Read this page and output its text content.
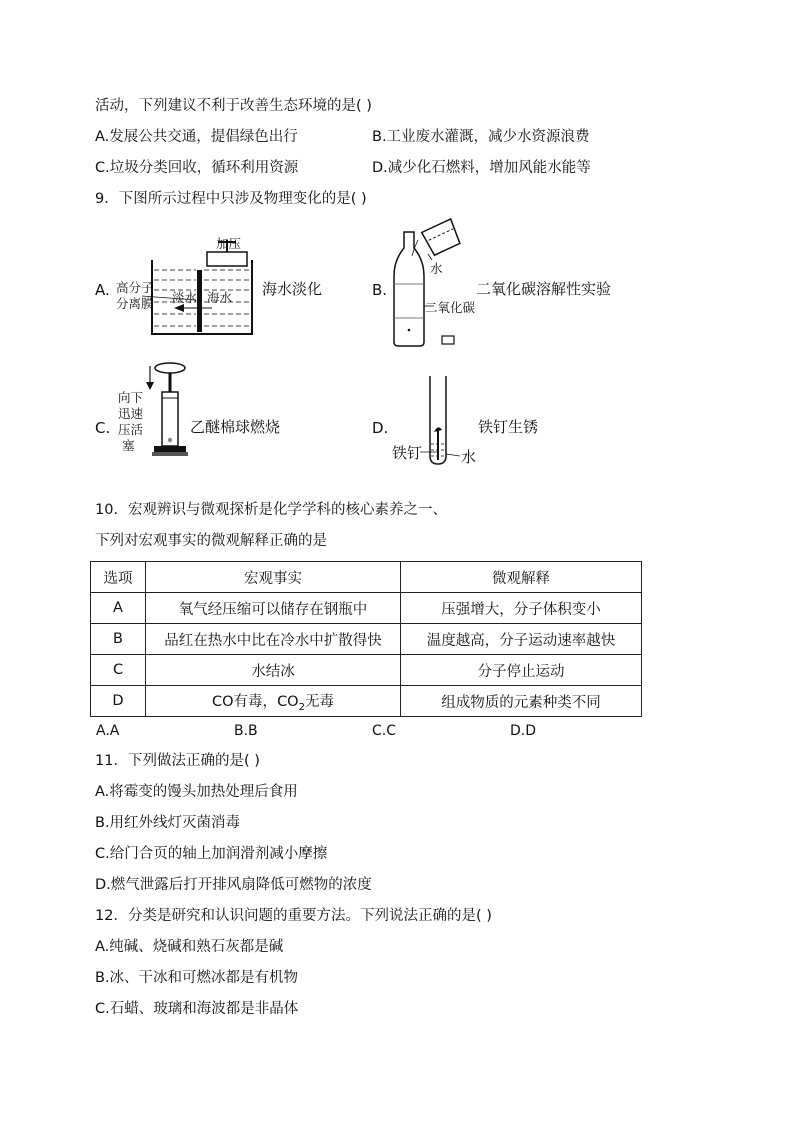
活动，下列建议不利于改善生态环境的是( )
A.发展公共交通，提倡绿色出行	B.工业废水灌溉，减少水资源浪费
C.垃圾分类回收，循环利用资源	D.减少化石燃料，增加风能水能等
9．下图所示过程中只涉及物理变化的是( )
A.
加压
高分子
分离膜 淡水 海水 海水淡化	B.
水
二氧化碳
二氧化碳溶解性实验
C.
向下
迅速
压活
塞
乙醚棉球燃烧	D.
铁钉	水
铁钉生锈
10．宏观辨识与微观探析是化学学科的核心素养之一、
下列对宏观事实的微观解释正确的是
选项	宏观事实	微观解释
A	氧气经压缩可以储存在钢瓶中	压强增大，分子体积变小
B	品红在热水中比在冷水中扩散得快	温度越高，分子运动速率越快
C	水结冰	分子停止运动
D	CO有毒，$CO_2$无毒	组成物质的元素种类不同
A.A	B.B	C.C	D.D
11．下列做法正确的是( )
A.将霉变的馒头加热处理后食用
B.用红外线灯灭菌消毒
C.给门合页的轴上加润滑剂减小摩擦
D.燃气泄露后打开排风扇降低可燃物的浓度
12．分类是研究和认识问题的重要方法。下列说法正确的是( )
A.纯碱、烧碱和熟石灰都是碱
B.冰、干冰和可燃冰都是有机物
C.石蜡、玻璃和海波都是非晶体
